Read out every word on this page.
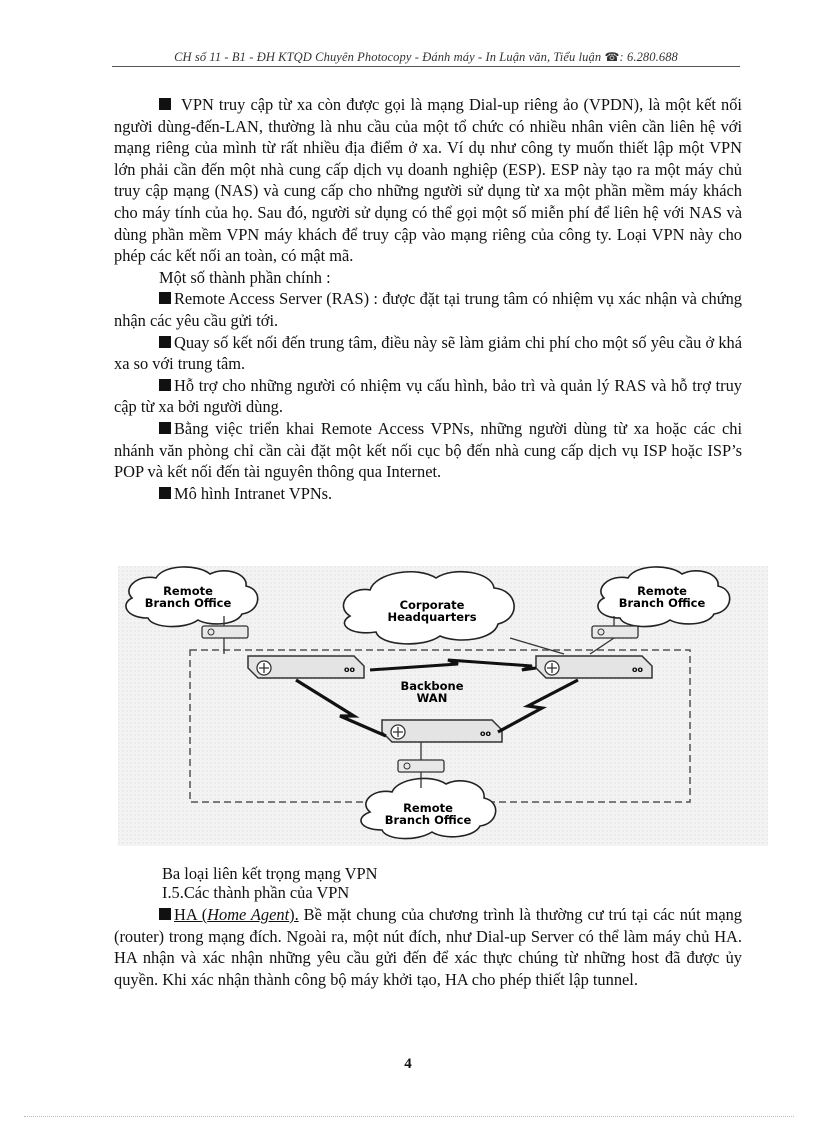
CH số 11 - B1 - ĐH KTQD Chuyên Photocopy - Đánh máy - In Luận văn, Tiểu luận ☎: 6.280.688

VPN truy cập từ xa còn được gọi là mạng Dial-up riêng ảo (VPDN), là một kết nối người dùng-đến-LAN, thường là nhu cầu của một tổ chức có nhiều nhân viên cần liên hệ với mạng riêng của mình từ rất nhiều địa điểm ở xa. Ví dụ như công ty muốn thiết lập một VPN lớn phải cần đến một nhà cung cấp dịch vụ doanh nghiệp (ESP). ESP này tạo ra một máy chủ truy cập mạng (NAS) và cung cấp cho những người sử dụng từ xa một phần mềm máy khách cho máy tính của họ. Sau đó, người sử dụng có thể gọi một số miễn phí để liên hệ với NAS và dùng phần mềm VPN máy khách để truy cập vào mạng riêng của công ty. Loại VPN này cho phép các kết nối an toàn, có mật mã.

Một số thành phần chính :

Remote Access Server (RAS) : được đặt tại trung tâm có nhiệm vụ xác nhận và chứng nhận các yêu cầu gửi tới.

Quay số kết nối đến trung tâm, điều này sẽ làm giảm chi phí cho một số yêu cầu ở khá xa so với trung tâm.

Hỗ trợ cho những người có nhiệm vụ cấu hình, bảo trì và quản lý RAS và hỗ trợ truy cập từ xa bởi người dùng.

Bằng việc triển khai Remote Access VPNs, những người dùng từ xa hoặc các chi nhánh văn phòng chỉ cần cài đặt một kết nối cục bộ đến nhà cung cấp dịch vụ ISP hoặc ISP’s POP và kết nối đến tài nguyên thông qua Internet.

Mô hình Intranet VPNs.

Remote
Branch Office	Corporate
Headquarters
Remote
Branch Office
Remote
Branch Office
oo	oo
oo
Backbone
WAN
Ba loại liên kết trọng mạng VPN
I.5.Các thành phần của VPN

HA (Home Agent). Bề mặt chung của chương trình là thường cư trú tại các nút mạng (router) trong mạng đích. Ngoài ra, một nút đích, như Dial-up Server có thể làm máy chủ HA. HA nhận và xác nhận những yêu cầu gửi đến để xác thực chúng từ những host đã được ủy quyền. Khi xác nhận thành công bộ máy khởi tạo, HA cho phép thiết lập tunnel.

4
